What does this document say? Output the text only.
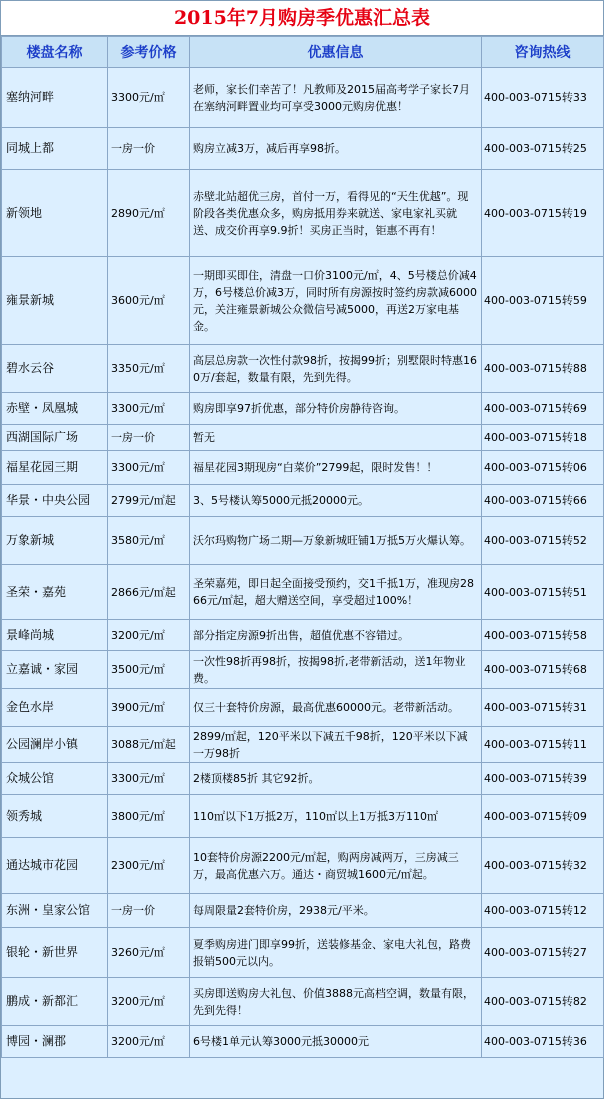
2015年7月购房季优惠汇总表
楼盘名称	参考价格	优惠信息	咨询热线
塞纳河畔	3300元/㎡	老师，家长们幸苦了！凡教师及2015届高考学子家长7月在塞纳河畔置业均可享受3000元购房优惠！	400-003-0715转33
同城上都	一房一价	购房立减3万，减后再享98折。	400-003-0715转25
新领地	2890元/㎡	赤壁北站超优三房，首付一万，看得见的“天生优越”。现阶段各类优惠众多，购房抵用券来就送、家电家礼买就送、成交价再享9.9折！买房正当时，钜惠不再有！	400-003-0715转19
雍景新城	3600元/㎡	一期即买即住，清盘一口价3100元/㎡，4、5号楼总价减4万，6号楼总价减3万，同时所有房源按时签约房款减6000元，关注雍景新城公众微信号减5000，再送2万家电基金。	400-003-0715转59
碧水云谷	3350元/㎡	高层总房款一次性付款98折，按揭99折；别墅限时特惠160万/套起，数量有限，先到先得。	400-003-0715转88
赤壁・凤凰城	3300元/㎡	购房即享97折优惠，部分特价房静待咨询。	400-003-0715转69
西湖国际广场	一房一价	暂无	400-003-0715转18
福星花园三期	3300元/㎡	福星花园3期现房“白菜价”2799起，限时发售！！	400-003-0715转06
华景・中央公园	2799元/㎡起	3、5号楼认筹5000元抵20000元。	400-003-0715转66
万象新城	3580元/㎡	沃尔玛购物广场二期—万象新城旺铺1万抵5万火爆认筹。	400-003-0715转52
圣荣・嘉苑	2866元/㎡起	圣荣嘉苑，即日起全面接受预约，交1千抵1万，准现房2866元/㎡起，超大赠送空间，享受超过100%！	400-003-0715转51
景峰尚城	3200元/㎡	部分指定房源9折出售，超值优惠不容错过。	400-003-0715转58
立嘉诚・家园	3500元/㎡	一次性98折再98折，按揭98折,老带新活动，送1年物业费。	400-003-0715转68
金色水岸	3900元/㎡	仅三十套特价房源，最高优惠60000元。老带新活动。	400-003-0715转31
公园澜岸小镇	3088元/㎡起	2899/㎡起，120平米以下减五千98折，120平米以下减一万98折	400-003-0715转11
众城公馆	3300元/㎡	2楼顶楼85折 其它92折。	400-003-0715转39
领秀城	3800元/㎡	110㎡以下1万抵2万，110㎡以上1万抵3万110㎡	400-003-0715转09
通达城市花园	2300元/㎡	10套特价房源2200元/㎡起，购两房减两万，三房减三万，最高优惠六万。通达・商贸城1600元/㎡起。	400-003-0715转32
东洲・皇家公馆	一房一价	每周限量2套特价房，2938元/平米。	400-003-0715转12
银轮・新世界	3260元/㎡	夏季购房进门即享99折，送装修基金、家电大礼包，路费报销500元以内。	400-003-0715转27
鹏成・新都汇	3200元/㎡	买房即送购房大礼包、价值3888元高档空调，数量有限，先到先得！	400-003-0715转82
博园・澜郡	3200元/㎡	6号楼1单元认筹3000元抵30000元	400-003-0715转36
